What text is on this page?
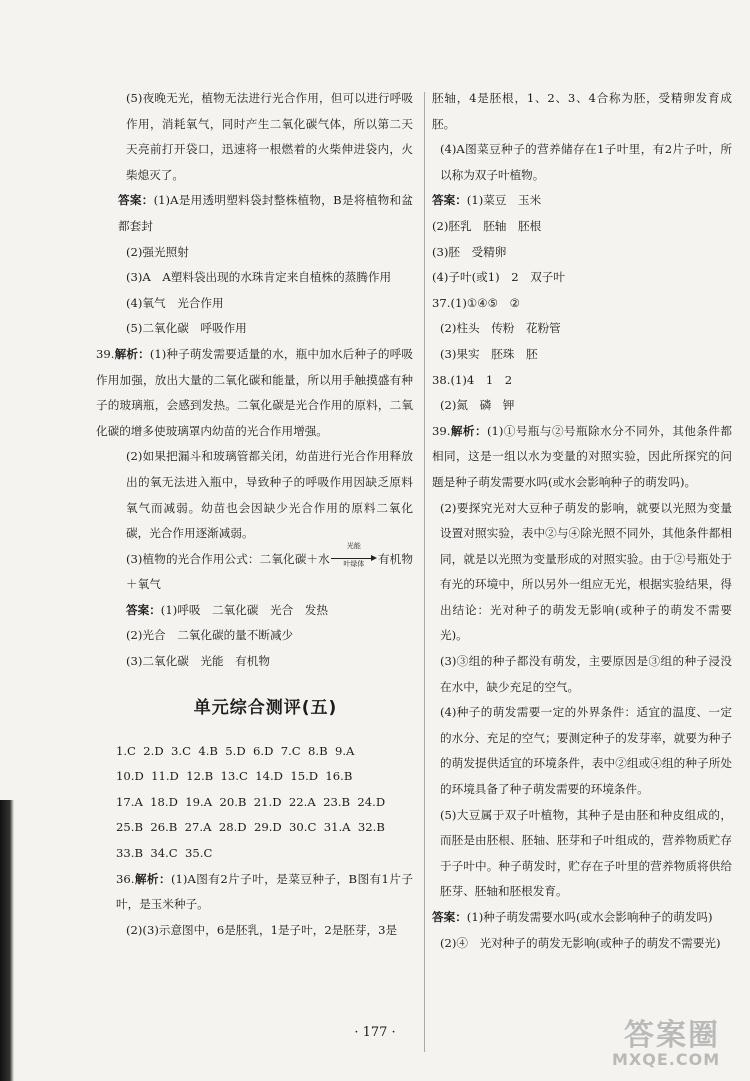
(5)夜晚无光，植物无法进行光合作用，但可以进行呼吸作用，消耗氧气，同时产生二氧化碳气体，所以第二天天亮前打开袋口，迅速将一根燃着的火柴伸进袋内，火柴熄灭了。

答案：(1)A是用透明塑料袋封整株植物，B是将植物和盆都套封

(2)强光照射

(3)A　A塑料袋出现的水珠肯定来自植株的蒸腾作用

(4)氧气　光合作用

(5)二氧化碳　呼吸作用

39.解析：(1)种子萌发需要适量的水，瓶中加水后种子的呼吸作用加强，放出大量的二氧化碳和能量，所以用手触摸盛有种子的玻璃瓶，会感到发热。二氧化碳是光合作用的原料，二氧化碳的增多使玻璃罩内幼苗的光合作用增强。

(2)如果把漏斗和玻璃管都关闭，幼苗进行光合作用释放出的氧无法进入瓶中，导致种子的呼吸作用因缺乏原料氧气而减弱。幼苗也会因缺少光合作用的原料二氧化碳，光合作用逐渐减弱。

(3)植物的光合作用公式：二氧化碳＋水
光能
叶绿体	有机物＋氧气

答案：(1)呼吸　二氧化碳　光合　发热

(2)光合　二氧化碳的量不断减少

(3)二氧化碳　光能　有机物

单元综合测评(五)

1.C  2.D  3.C  4.B  5.D  6.D  7.C  8.B  9.A

10.D  11.D  12.B  13.C  14.D  15.D  16.B

17.A  18.D  19.A  20.B  21.D  22.A  23.B  24.D

25.B  26.B  27.A  28.D  29.D  30.C  31.A  32.B

33.B  34.C  35.C

36.解析：(1)A图有2片子叶，是菜豆种子，B图有1片子叶，是玉米种子。

(2)(3)示意图中，6是胚乳，1是子叶，2是胚芽，3是

胚轴，4是胚根，1、2、3、4合称为胚，受精卵发育成胚。

(4)A图菜豆种子的营养储存在1子叶里，有2片子叶，所以称为双子叶植物。

答案：(1)菜豆　玉米

(2)胚乳　胚轴　胚根

(3)胚　受精卵

(4)子叶(或1)　2　双子叶

37.(1)①④⑤　②

(2)柱头　传粉　花粉管

(3)果实　胚珠　胚

38.(1)4　1　2

(2)氮　磷　钾

39.解析：(1)①号瓶与②号瓶除水分不同外，其他条件都相同，这是一组以水为变量的对照实验，因此所探究的问题是种子萌发需要水吗(或水会影响种子的萌发吗)。

(2)要探究光对大豆种子萌发的影响，就要以光照为变量设置对照实验，表中②与④除光照不同外，其他条件都相同，就是以光照为变量形成的对照实验。由于②号瓶处于有光的环境中，所以另外一组应无光，根据实验结果，得出结论：光对种子的萌发无影响(或种子的萌发不需要光)。

(3)③组的种子都没有萌发，主要原因是③组的种子浸没在水中，缺少充足的空气。

(4)种子的萌发需要一定的外界条件：适宜的温度、一定的水分、充足的空气；要测定种子的发芽率，就要为种子的萌发提供适宜的环境条件，表中②组或④组的种子所处的环境具备了种子萌发需要的环境条件。

(5)大豆属于双子叶植物，其种子是由胚和种皮组成的，而胚是由胚根、胚轴、胚芽和子叶组成的，营养物质贮存于子叶中。种子萌发时，贮存在子叶里的营养物质将供给胚芽、胚轴和胚根发育。

答案：(1)种子萌发需要水吗(或水会影响种子的萌发吗)

(2)④　光对种子的萌发无影响(或种子的萌发不需要光)

· 177 ·	答案圈
MXQE.COM
